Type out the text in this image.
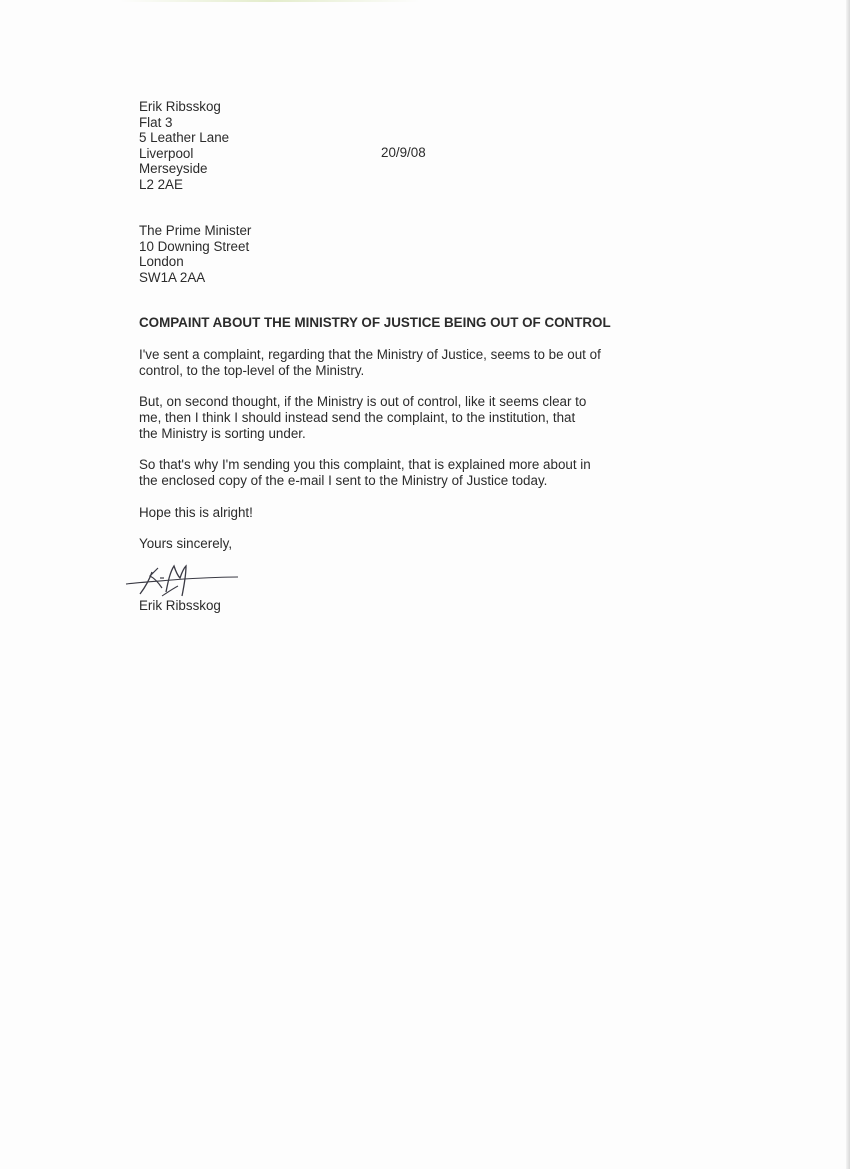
Erik Ribsskog
Flat 3
5 Leather Lane
Liverpool
Merseyside
L2 2AE
20/9/08
The Prime Minister
10 Downing Street
London
SW1A 2AA
COMPAINT ABOUT THE MINISTRY OF JUSTICE BEING OUT OF CONTROL
I've sent a complaint, regarding that the Ministry of Justice, seems to be out of
control, to the top-level of the Ministry.
But, on second thought, if the Ministry is out of control, like it seems clear to
me, then I think I should instead send the complaint, to the institution, that
the Ministry is sorting under.
So that's why I'm sending you this complaint, that is explained more about in
the enclosed copy of the e-mail I sent to the Ministry of Justice today.
Hope this is alright!
Yours sincerely,
Erik Ribsskog
